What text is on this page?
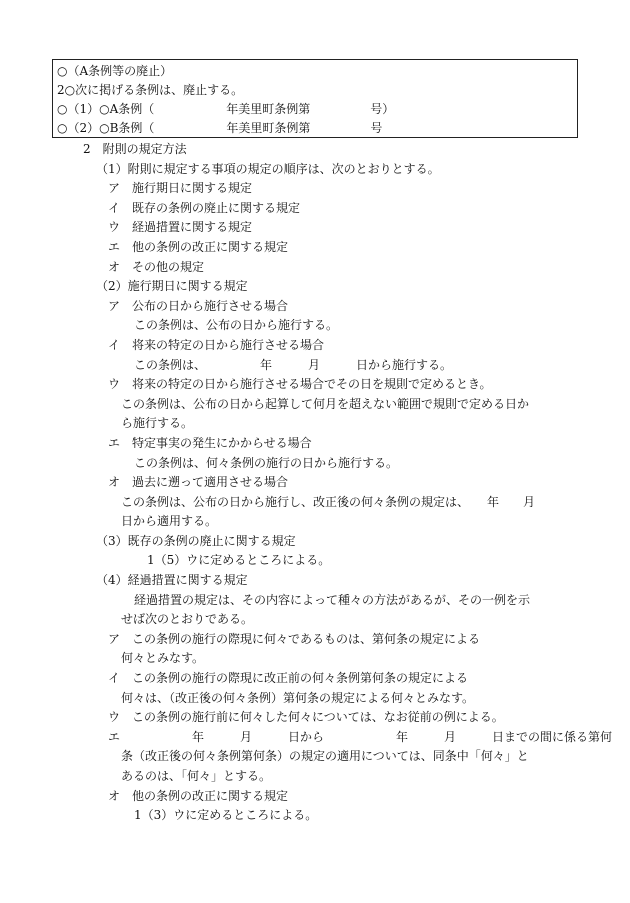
○（A条例等の廃止）
2○次に掲げる条例は、廃止する。
○（1）○A条例（　　　　　　年美里町条例第　　　　　号）
○（2）○B条例（　　　　　　年美里町条例第　　　　　号
2　附則の規定方法
（1）附則に規定する事項の規定の順序は、次のとおりとする。
ア　施行期日に関する規定
イ　既存の条例の廃止に関する規定
ウ　経過措置に関する規定
エ　他の条例の改正に関する規定
オ　その他の規定
（2）施行期日に関する規定
ア　公布の日から施行させる場合
この条例は、公布の日から施行する。
イ　将来の特定の日から施行させる場合
この条例は、　　　　　年　　　月　　　日から施行する。
ウ　将来の特定の日から施行させる場合でその日を規則で定めるとき。
この条例は、公布の日から起算して何月を超えない範囲で規則で定める日か
ら施行する。
エ　特定事実の発生にかからせる場合
この条例は、何々条例の施行の日から施行する。
オ　過去に遡って適用させる場合
この条例は、公布の日から施行し、改正後の何々条例の規定は、　　年　　月
日から適用する。
（3）既存の条例の廃止に関する規定
1（5）ウに定めるところによる。
（4）経過措置に関する規定
経過措置の規定は、その内容によって種々の方法があるが、その一例を示
せば次のとおりである。
ア　この条例の施行の際現に何々であるものは、第何条の規定による
何々とみなす。
イ　この条例の施行の際現に改正前の何々条例第何条の規定による
何々は、（改正後の何々条例）第何条の規定による何々とみなす。
ウ　この条例の施行前に何々した何々については、なお従前の例による。
エ　　　　　　年　　　月　　　日から　　　　　　年　　　月　　　日までの間に係る第何
条（改正後の何々条例第何条）の規定の適用については、同条中「何々」と
あるのは、「何々」とする。
オ　他の条例の改正に関する規定
1（3）ウに定めるところによる。
